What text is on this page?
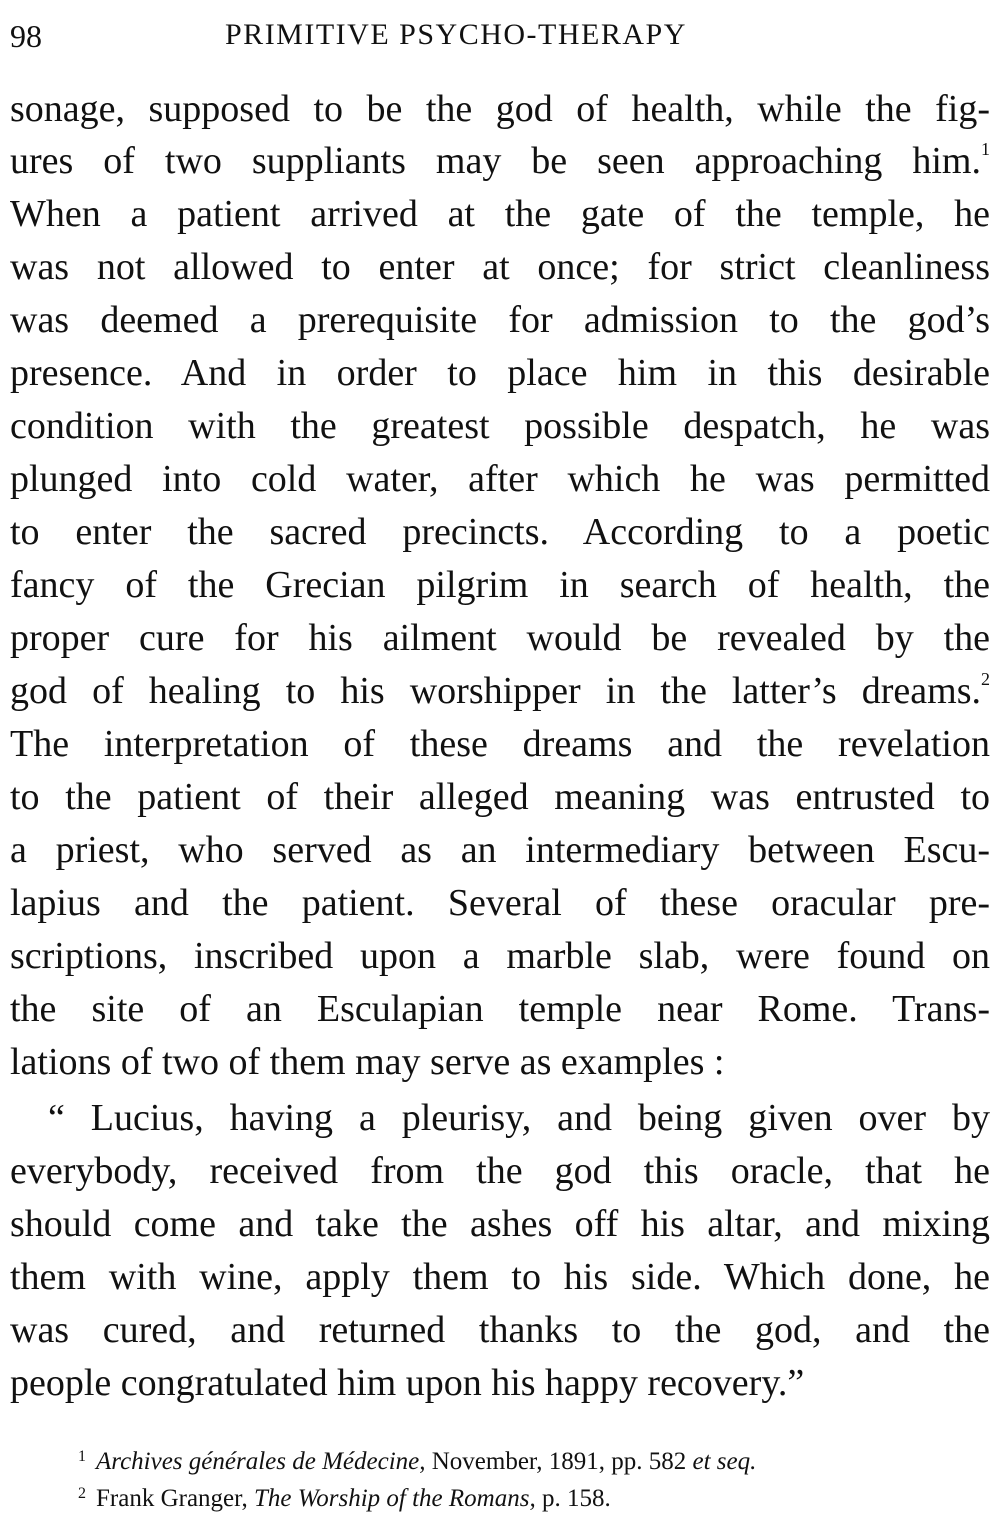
98	PRIMITIVE PSYCHO-THERAPY
sonage, supposed to be the god of health, while the fig-
ures of two suppliants may be seen approaching him.$^1$
When a patient arrived at the gate of the temple, he
was not allowed to enter at once; for strict cleanliness
was deemed a prerequisite for admission to the god’s
presence. And in order to place him in this desirable
condition with the greatest possible despatch, he was
plunged into cold water, after which he was permitted
to enter the sacred precincts. According to a poetic
fancy of the Grecian pilgrim in search of health, the
proper cure for his ailment would be revealed by the
god of healing to his worshipper in the latter’s dreams.$^2$
The interpretation of these dreams and the revelation
to the patient of their alleged meaning was entrusted to
a priest, who served as an intermediary between Escu-
lapius and the patient. Several of these oracular pre-
scriptions, inscribed upon a marble slab, were found on
the site of an Esculapian temple near Rome. Trans-
lations of two of them may serve as examples :
“ Lucius, having a pleurisy, and being given over by
everybody, received from the god this oracle, that he
should come and take the ashes off his altar, and mixing
them with wine, apply them to his side. Which done, he
was cured, and returned thanks to the god, and the
people congratulated him upon his happy recovery.”
$^1$ Archives générales de Médecine, November, 1891, pp. 582 et seq.
$^2$ Frank Granger, The Worship of the Romans, p. 158.
